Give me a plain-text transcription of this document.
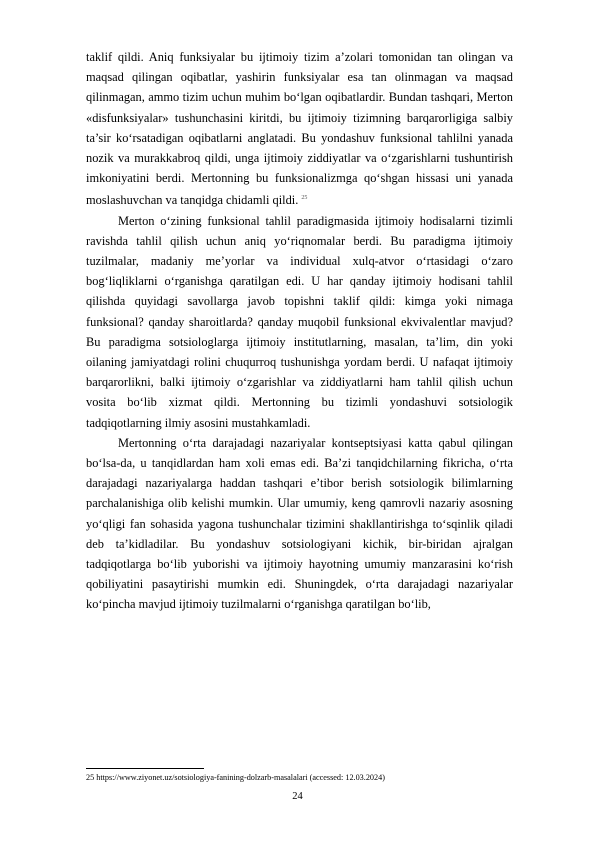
taklif qildi. Aniq funksiyalar bu ijtimoiy tizim a’zolari tomonidan tan olingan va maqsad qilingan oqibatlar, yashirin funksiyalar esa tan olinmagan va maqsad qilinmagan, ammo tizim uchun muhim bo‘lgan oqibatlardir. Bundan tashqari, Merton «disfunksiyalar» tushunchasini kiritdi, bu ijtimoiy tizimning barqarorligiga salbiy ta’sir ko‘rsatadigan oqibatlarni anglatadi. Bu yondashuv funksional tahlilni yanada nozik va murakkabroq qildi, unga ijtimoiy ziddiyatlar va o‘zgarishlarni tushuntirish imkoniyatini berdi. Mertonning bu funksionalizmga qo‘shgan hissasi uni yanada moslashuvchan va tanqidga chidamli qildi. $^{25}$

Merton o‘zining funksional tahlil paradigmasida ijtimoiy hodisalarni tizimli ravishda tahlil qilish uchun aniq yo‘riqnomalar berdi. Bu paradigma ijtimoiy tuzilmalar, madaniy me’yorlar va individual xulq-atvor o‘rtasidagi o‘zaro bog‘liqliklarni o‘rganishga qaratilgan edi. U har qanday ijtimoiy hodisani tahlil qilishda quyidagi savollarga javob topishni taklif qildi: kimga yoki nimaga funksional? qanday sharoitlarda? qanday muqobil funksional ekvivalentlar mavjud? Bu paradigma sotsiologlarga ijtimoiy institutlarning, masalan, ta’lim, din yoki oilaning jamiyatdagi rolini chuqurroq tushunishga yordam berdi. U nafaqat ijtimoiy barqarorlikni, balki ijtimoiy o‘zgarishlar va ziddiyatlarni ham tahlil qilish uchun vosita bo‘lib xizmat qildi. Mertonning bu tizimli yondashuvi sotsiologik tadqiqotlarning ilmiy asosini mustahkamladi.

Mertonning o‘rta darajadagi nazariyalar kontseptsiyasi katta qabul qilingan bo‘lsa-da, u tanqidlardan ham xoli emas edi. Ba’zi tanqidchilarning fikricha, o‘rta darajadagi nazariyalarga haddan tashqari e’tibor berish sotsiologik bilimlarning parchalanishiga olib kelishi mumkin. Ular umumiy, keng qamrovli nazariy asosning yo‘qligi fan sohasida yagona tushunchalar tizimini shakllantirishga to‘sqinlik qiladi deb ta’kidladilar. Bu yondashuv sotsiologiyani kichik, bir-biridan ajralgan tadqiqotlarga bo‘lib yuborishi va ijtimoiy hayotning umumiy manzarasini ko‘rish qobiliyatini pasaytirishi mumkin edi. Shuningdek, o‘rta darajadagi nazariyalar ko‘pincha mavjud ijtimoiy tuzilmalarni o‘rganishga qaratilgan bo‘lib,

25 https://www.ziyonet.uz/sotsiologiya-fanining-dolzarb-masalalari (accessed: 12.03.2024)
24
